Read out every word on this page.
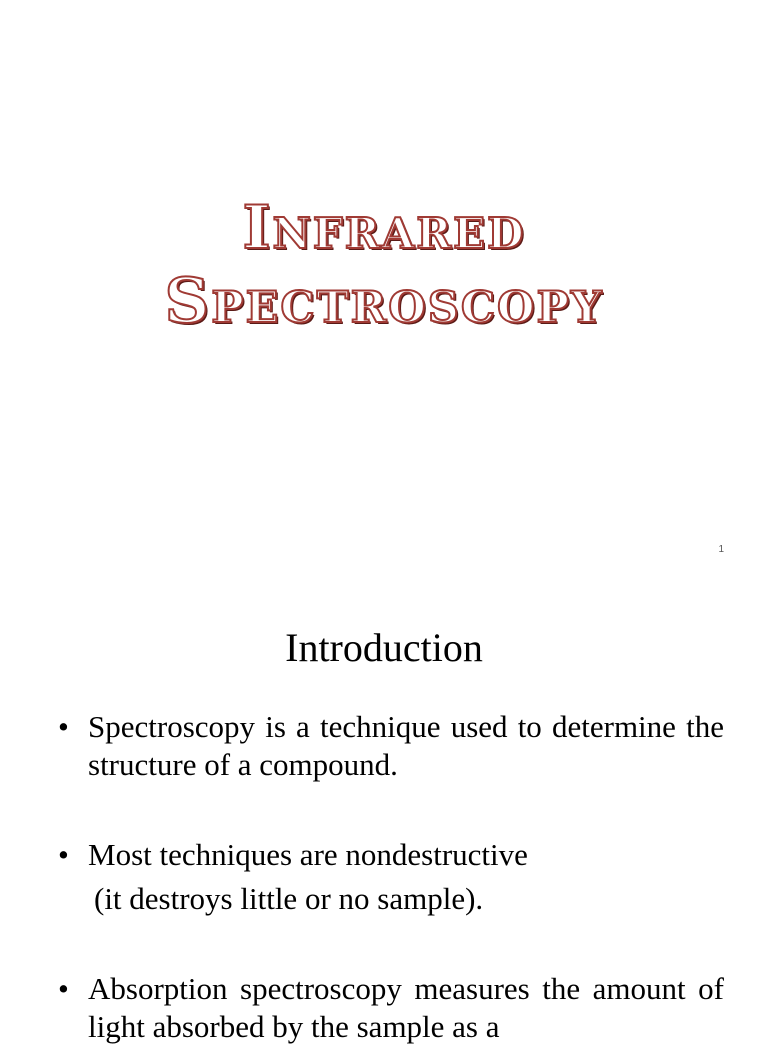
Infrared
Spectroscopy
1
Introduction
• Spectroscopy is a technique used to determine the structure of a compound.
• Most techniques are nondestructive
(it destroys little or no sample).
• Absorption spectroscopy measures the amount of light absorbed by the sample as a
